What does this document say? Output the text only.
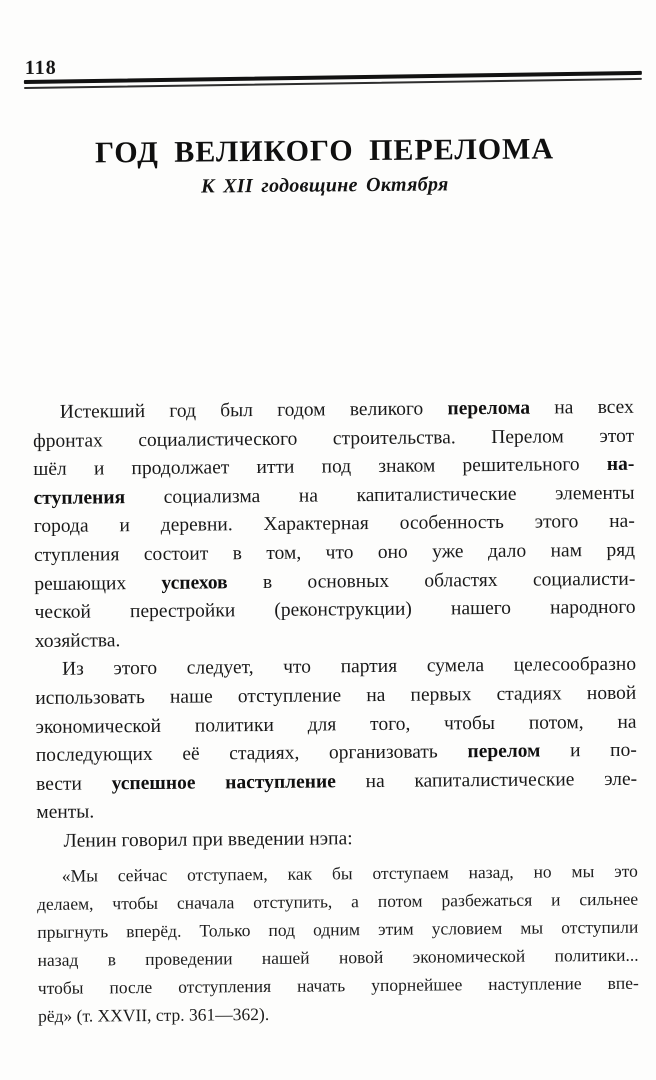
118
ГОД ВЕЛИКОГО ПЕРЕЛОМА
К XII годовщине Октября
Истекший год был годом великого перелома на всех
фронтах социалистического строительства. Перелом этот
шёл и продолжает итти под знаком решительного на-
ступления социализма на капиталистические элементы
города и деревни. Характерная особенность этого на-
ступления состоит в том, что оно уже дало нам ряд
решающих успехов в основных областях социалисти-
ческой перестройки (реконструкции) нашего народного
хозяйства.
Из этого следует, что партия сумела целесообразно
использовать наше отступление на первых стадиях новой
экономической политики для того, чтобы потом, на
последующих её стадиях, организовать перелом и по-
вести успешное наступление на капиталистические эле-
менты.
Ленин говорил при введении нэпа:
«Мы сейчас отступаем, как бы отступаем назад, но мы это
делаем, чтобы сначала отступить, а потом разбежаться и сильнее
прыгнуть вперёд. Только под одним этим условием мы отступили
назад в проведении нашей новой экономической политики...
чтобы после отступления начать упорнейшее наступление впе-
рёд» (т. XXVII, стр. 361—362).
